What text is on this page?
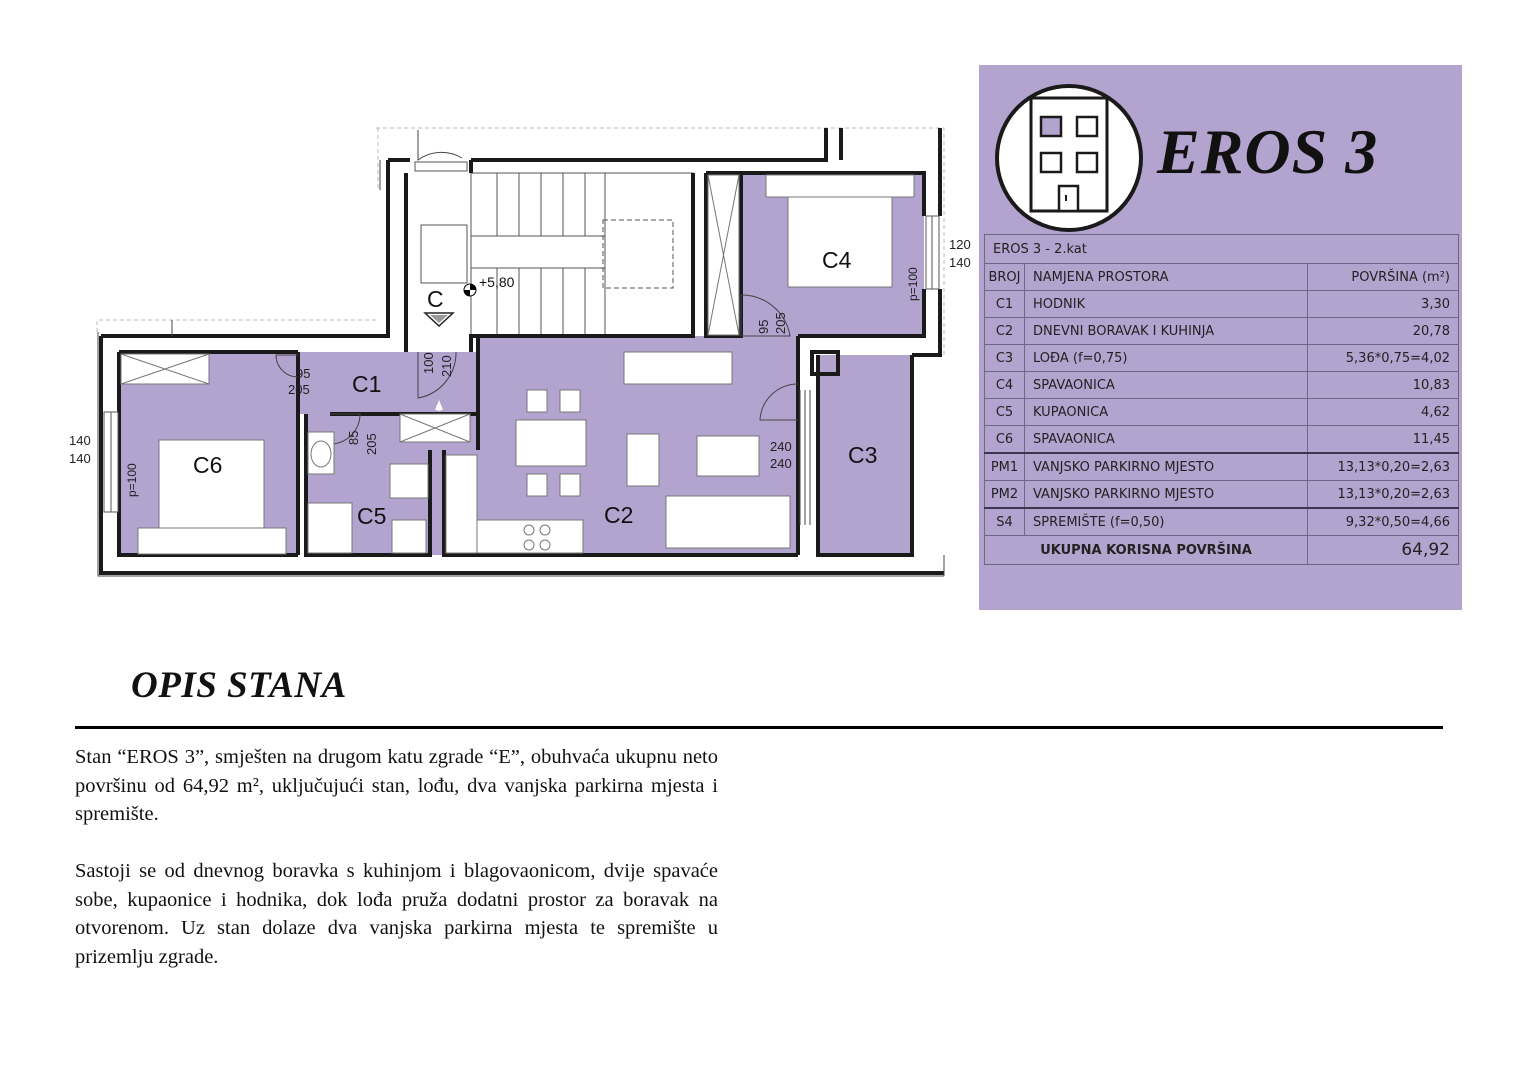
C
C1
C2
C3
C4
C5
C6
+5,80
95 205
p=100
95
205
p=100
85 205
100 210
240
240
120
140
140
140
EROS 3
EROS 3 - 2.kat		
BROJ	NAMJENA PROSTORA	POVRŠINA (m²)
C1	HODNIK	3,30
C2	DNEVNI BORAVAK I KUHINJA	20,78
C3	LOĐA (f=0,75)	5,36*0,75=4,02
C4	SPAVAONICA	10,83
C5	KUPAONICA	4,62
C6	SPAVAONICA	11,45
PM1	VANJSKO PARKIRNO MJESTO	13,13*0,20=2,63
PM2	VANJSKO PARKIRNO MJESTO	13,13*0,20=2,63
S4	SPREMIŠTE (f=0,50)	9,32*0,50=4,66
UKUPNA KORISNA POVRŠINA		64,92
OPIS STANA

Stan “EROS 3”, smješten na drugom katu zgrade “E”, obuhvaća ukupnu neto površinu od 64,92 m², uključujući stan, lođu, dva vanjska parkirna mjesta i spremište.

Sastoji se od dnevnog boravka s kuhinjom i blagovaonicom, dvije spavaće sobe, kupaonice i hodnika, dok lođa pruža dodatni prostor za boravak na otvorenom. Uz stan dolaze dva vanjska parkirna mjesta te spremište u prizemlju zgrade.
